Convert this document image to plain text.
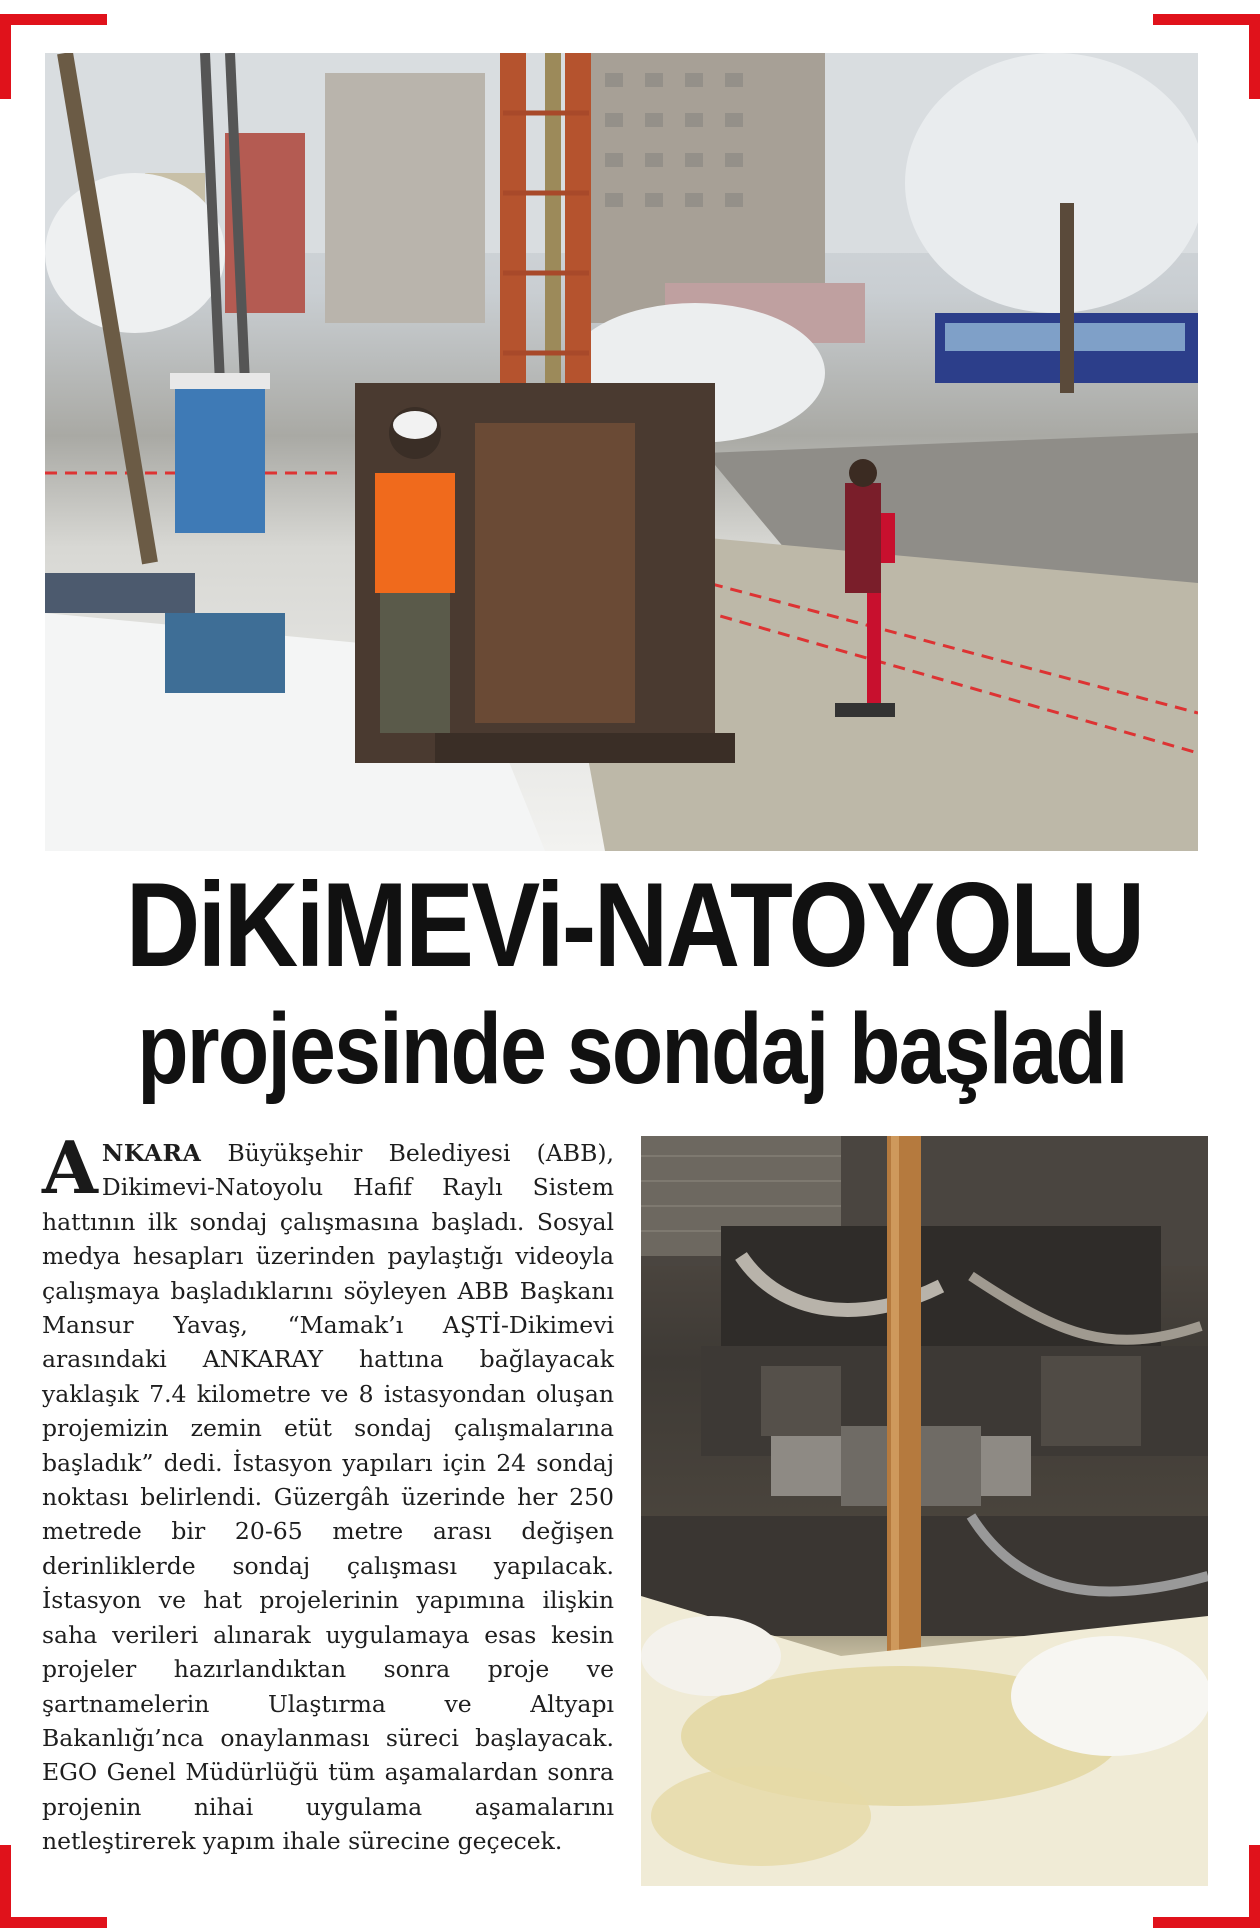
DiKiMEVi-NATOYOLU
projesinde sondaj başladı

ANKARA Büyükşehir Belediyesi (ABB), Dikimevi-Natoyolu Hafif Raylı Sistem hattının ilk sondaj çalışmasına başladı. Sosyal medya hesapları üzerinden paylaştığı videoyla çalışmaya başladıklarını söyleyen ABB Başkanı Mansur Yavaş, “Mamak’ı AŞTİ-Dikimevi arasındaki ANKARAY hattına bağlayacak yaklaşık 7.4 kilometre ve 8 istasyondan oluşan projemizin zemin etüt sondaj çalışmalarına başladık” dedi. İstasyon yapıları için 24 sondaj noktası belirlendi. Güzergâh üzerinde her 250 metrede bir 20-65 metre arası değişen derinliklerde sondaj çalışması yapılacak. İstasyon ve hat projelerinin yapımına ilişkin saha verileri alınarak uygulamaya esas kesin projeler hazırlandıktan sonra proje ve şartnamelerin Ulaştırma ve Altyapı Bakanlığı’nca onaylanması süreci başlayacak. EGO Genel Müdürlüğü tüm aşamalardan sonra projenin nihai uygulama aşamalarını netleştirerek yapım ihale sürecine geçecek.
